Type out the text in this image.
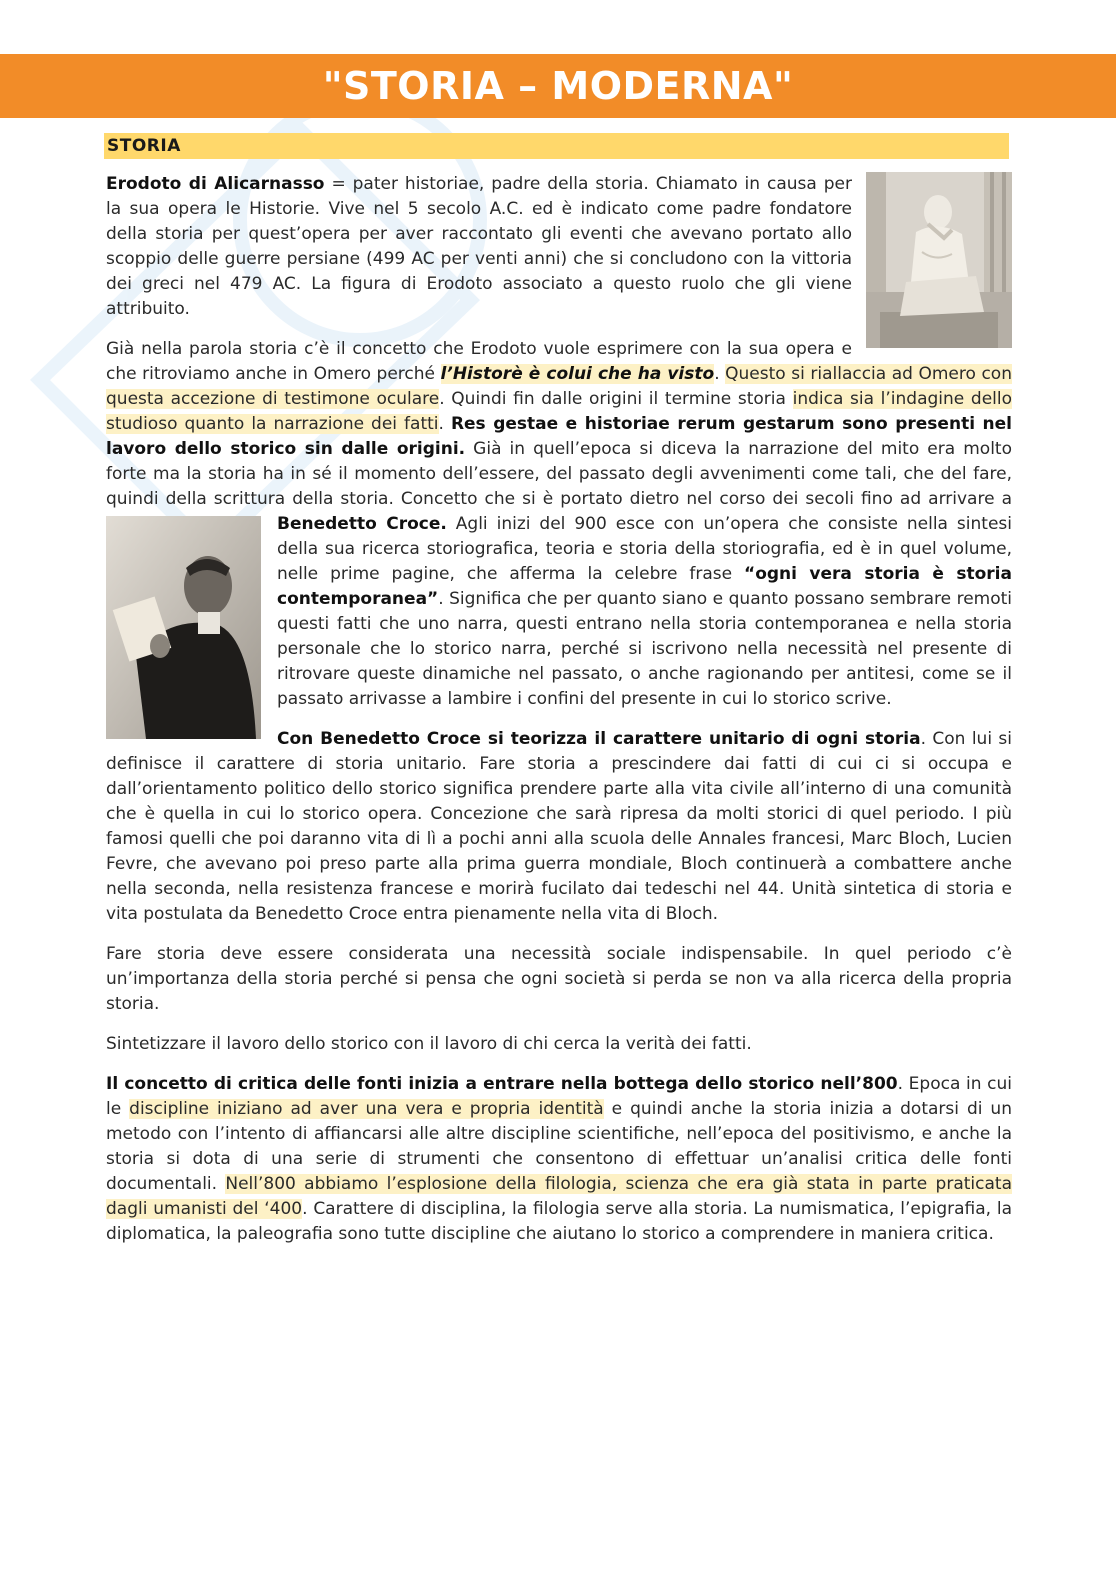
"STORIA – MODERNA"
STORIA

Erodoto di Alicarnasso = pater historiae, padre della storia. Chiamato in causa per la sua opera le Historie. Vive nel 5 secolo A.C. ed è indicato come padre fondatore della storia per quest’opera per aver raccontato gli eventi che avevano portato allo scoppio delle guerre persiane (499 AC per venti anni) che si concludono con la vittoria dei greci nel 479 AC. La figura di Erodoto associato a questo ruolo che gli viene attribuito.

Già nella parola storia c’è il concetto che Erodoto vuole esprimere con la sua opera e che ritroviamo anche in Omero perché l’Historè è colui che ha visto. Questo si riallaccia ad Omero con questa accezione di testimone oculare. Quindi fin dalle origini il termine storia indica sia l’indagine dello studioso quanto la narrazione dei fatti. Res gestae e historiae rerum gestarum sono presenti nel lavoro dello storico sin dalle origini. Già in quell’epoca si diceva la narrazione del mito era molto forte ma la storia ha in sé il momento dell’essere, del passato degli avvenimenti come tali, che del fare, quindi della scrittura della storia. Concetto che si è portato dietro nel corso dei secoli fino ad arrivare a
Benedetto Croce. Agli inizi del 900 esce con un’opera che consiste nella sintesi della sua ricerca storiografica, teoria e storia della storiografia, ed è in quel volume, nelle prime pagine, che afferma la celebre frase “ogni vera storia è storia contemporanea”. Significa che per quanto siano e quanto possano sembrare remoti questi fatti che uno narra, questi entrano nella storia contemporanea e nella storia personale che lo storico narra, perché si iscrivono nella necessità nel presente di ritrovare queste dinamiche nel passato, o anche ragionando per antitesi, come se il passato arrivasse a lambire i confini del presente in cui lo storico scrive.

Con Benedetto Croce si teorizza il carattere unitario di ogni storia. Con lui si definisce il carattere di storia unitario. Fare storia a prescindere dai fatti di cui ci si occupa e dall’orientamento politico dello storico significa prendere parte alla vita civile all’interno di una comunità che è quella in cui lo storico opera. Concezione che sarà ripresa da molti storici di quel periodo. I più famosi quelli che poi daranno vita di lì a pochi anni alla scuola delle Annales francesi, Marc Bloch, Lucien Fevre, che avevano poi preso parte alla prima guerra mondiale, Bloch continuerà a combattere anche nella seconda, nella resistenza francese e morirà fucilato dai tedeschi nel 44. Unità sintetica di storia e vita postulata da Benedetto Croce entra pienamente nella vita di Bloch.

Fare storia deve essere considerata una necessità sociale indispensabile. In quel periodo c’è un’importanza della storia perché si pensa che ogni società si perda se non va alla ricerca della propria storia.

Sintetizzare il lavoro dello storico con il lavoro di chi cerca la verità dei fatti.

Il concetto di critica delle fonti inizia a entrare nella bottega dello storico nell’800. Epoca in cui le discipline iniziano ad aver una vera e propria identità e quindi anche la storia inizia a dotarsi di un metodo con l’intento di affiancarsi alle altre discipline scientifiche, nell’epoca del positivismo, e anche la storia si dota di una serie di strumenti che consentono di effettuar un’analisi critica delle fonti documentali. Nell’800 abbiamo l’esplosione della filologia, scienza che era già stata in parte praticata dagli umanisti del ‘400. Carattere di disciplina, la filologia serve alla storia. La numismatica, l’epigrafia, la diplomatica, la paleografia sono tutte discipline che aiutano lo storico a comprendere in maniera critica.
